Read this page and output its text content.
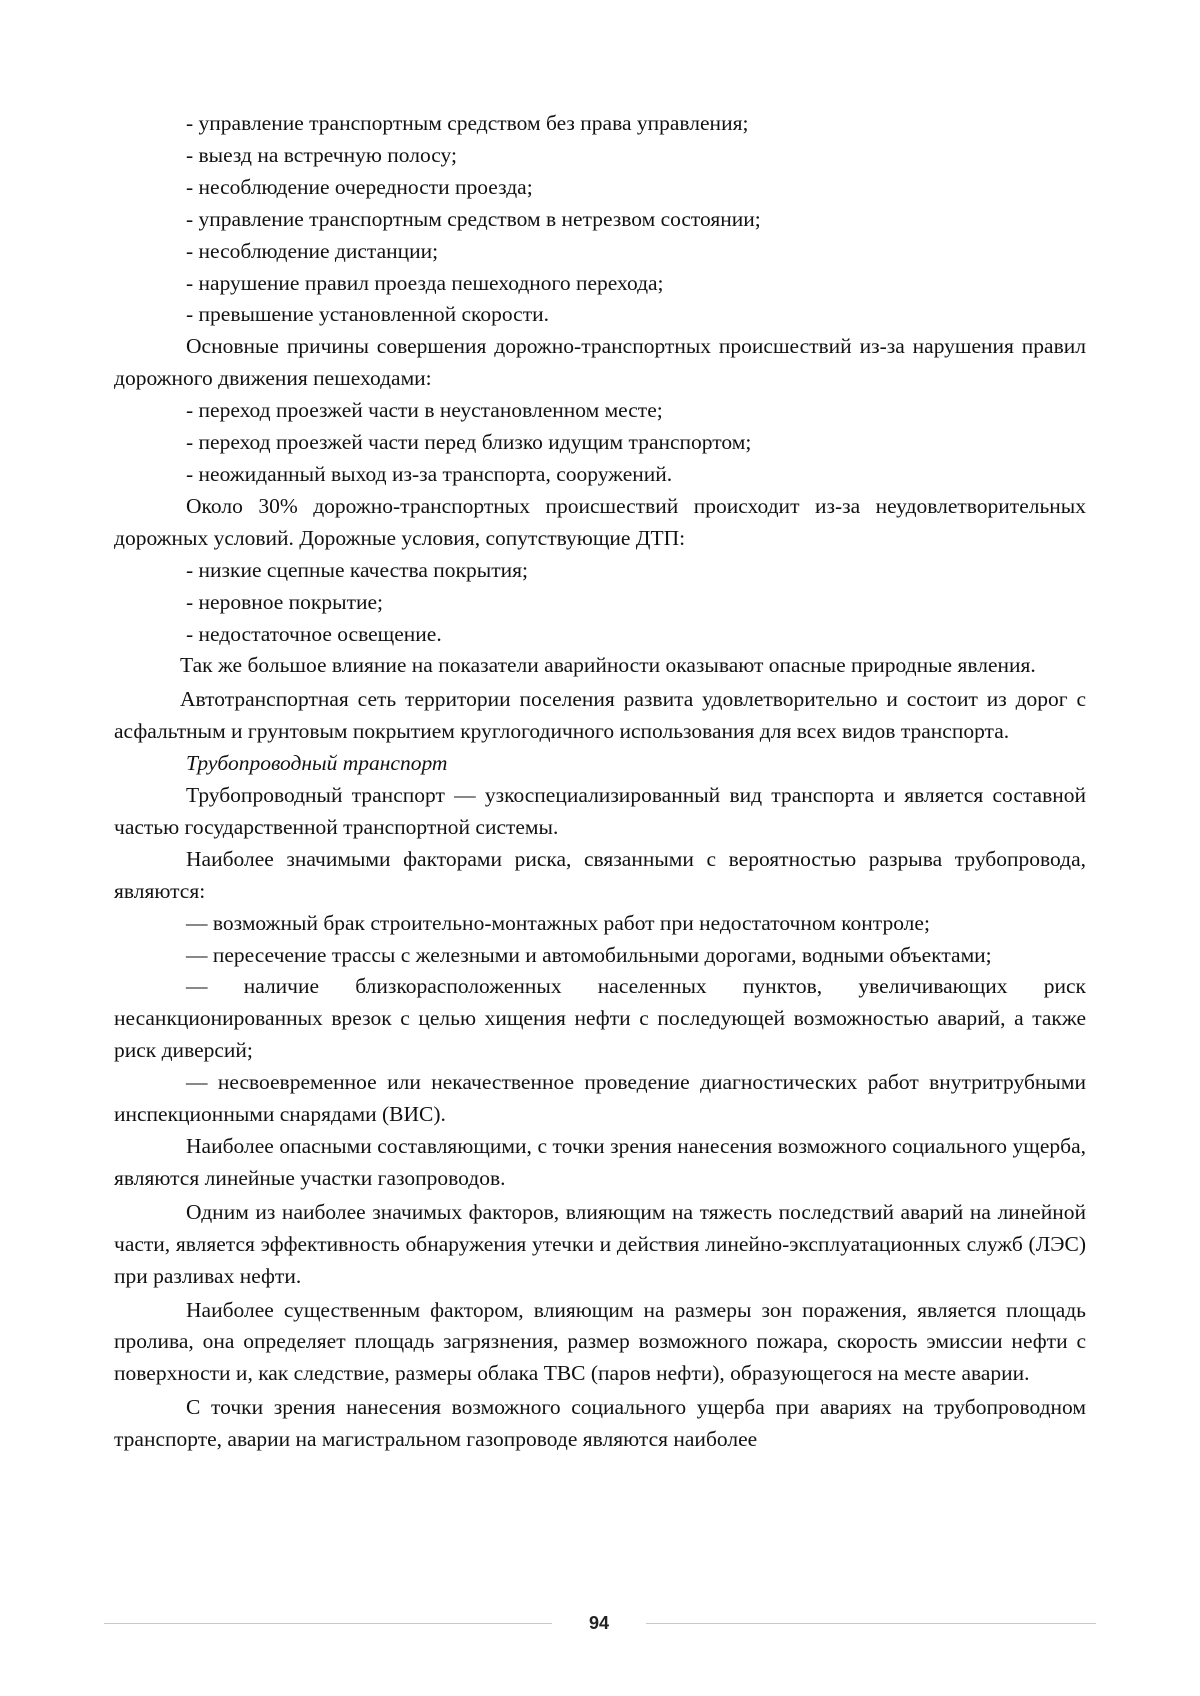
- управление транспортным средством без права управления;

- выезд на встречную полосу;

- несоблюдение очередности проезда;

- управление транспортным средством в нетрезвом состоянии;

- несоблюдение дистанции;

- нарушение правил проезда пешеходного перехода;

- превышение установленной скорости.

Основные причины совершения дорожно-транспортных происшествий из-за нарушения правил дорожного движения пешеходами:

- переход проезжей части в неустановленном месте;

- переход проезжей части перед близко идущим транспортом;

- неожиданный выход из-за транспорта, сооружений.

Около 30% дорожно-транспортных происшествий происходит из-за неудовлетворительных дорожных условий. Дорожные условия, сопутствующие ДТП:

- низкие сцепные качества покрытия;

- неровное покрытие;

- недостаточное освещение.

Так же большое влияние на показатели аварийности оказывают опасные природные явления.

Автотранспортная сеть территории поселения развита удовлетворительно и состоит из дорог с асфальтным и грунтовым покрытием круглогодичного использования для всех видов транспорта.

Трубопроводный транспорт

Трубопроводный транспорт — узкоспециализированный вид транспорта и является составной частью государственной транспортной системы.

Наиболее значимыми факторами риска, связанными с вероятностью разрыва трубопровода, являются:

— возможный брак строительно-монтажных работ при недостаточном контроле;

— пересечение трассы с железными и автомобильными дорогами, водными объектами;

— наличие близкорасположенных населенных пунктов, увеличивающих риск несанкционированных врезок с целью хищения нефти с последующей возможностью аварий, а также риск диверсий;

— несвоевременное или некачественное проведение диагностических работ внутритрубными инспекционными снарядами (ВИС).

Наиболее опасными составляющими, с точки зрения нанесения возможного социального ущерба, являются линейные участки газопроводов.

Одним из наиболее значимых факторов, влияющим на тяжесть последствий аварий на линейной части, является эффективность обнаружения утечки и действия линейно-эксплуатационных служб (ЛЭС) при разливах нефти.

Наиболее существенным фактором, влияющим на размеры зон поражения, является площадь пролива, она определяет площадь загрязнения, размер возможного пожара, скорость эмиссии нефти с поверхности и, как следствие, размеры облака ТВС (паров нефти), образующегося на месте аварии.

С точки зрения нанесения возможного социального ущерба при авариях на трубопроводном транспорте, аварии на магистральном газопроводе являются наиболее

94
